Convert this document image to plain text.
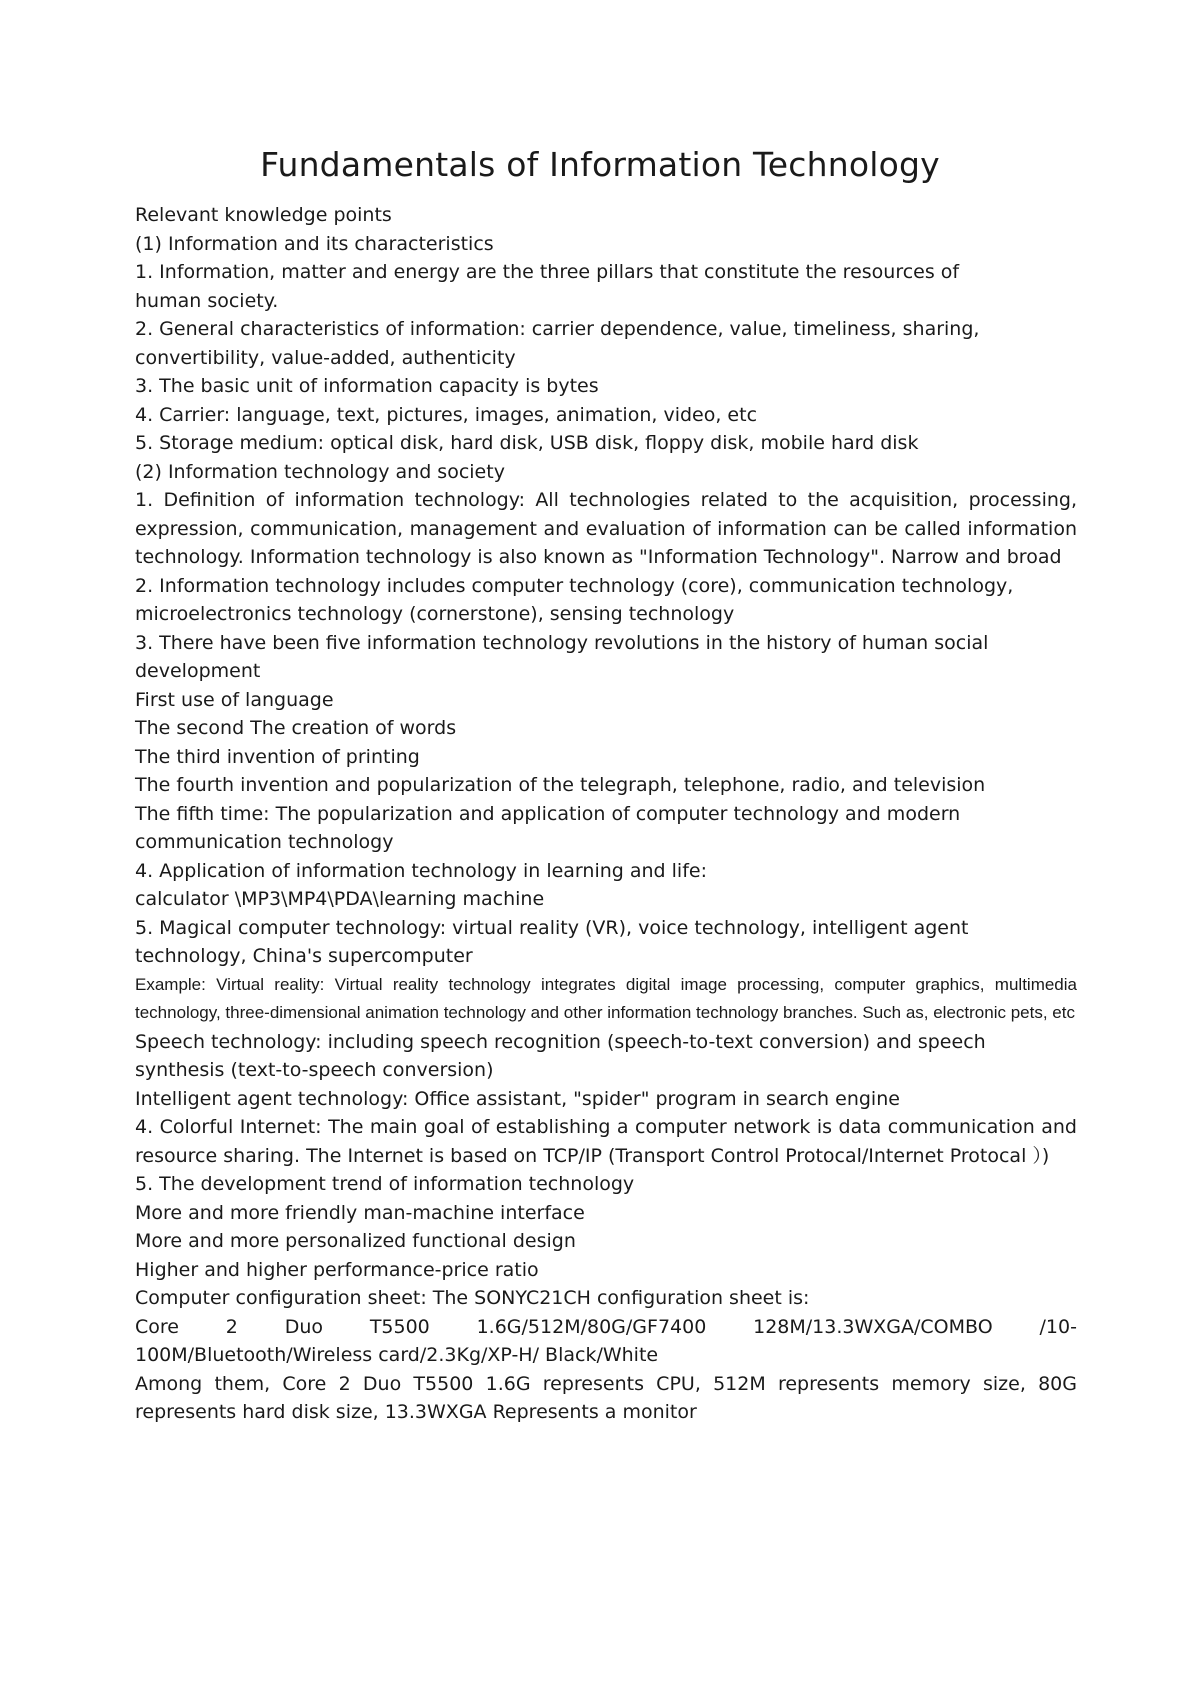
Fundamentals of Information Technology

Relevant knowledge points

(1) Information and its characteristics

1. Information, matter and energy are the three pillars that constitute the resources of

human society.

2. General characteristics of information: carrier dependence, value, timeliness, sharing,

convertibility, value-added, authenticity

3. The basic unit of information capacity is bytes

4. Carrier: language, text, pictures, images, animation, video, etc

5. Storage medium: optical disk, hard disk, USB disk, floppy disk, mobile hard disk

(2) Information technology and society

1. Definition of information technology: All technologies related to the acquisition, processing, expression, communication, management and evaluation of information can be called information technology. Information technology is also known as "Information Technology". Narrow and broad

2. Information technology includes computer technology (core), communication technology,

microelectronics technology (cornerstone), sensing technology

3. There have been five information technology revolutions in the history of human social

development

First use of language

The second The creation of words

The third invention of printing

The fourth invention and popularization of the telegraph, telephone, radio, and television

The fifth time: The popularization and application of computer technology and modern

communication technology

4. Application of information technology in learning and life:

calculator \MP3\MP4\PDA\learning machine

5. Magical computer technology: virtual reality (VR), voice technology, intelligent agent

technology, China's supercomputer

Example: Virtual reality: Virtual reality technology integrates digital image processing, computer graphics, multimedia technology, three-dimensional animation technology and other information technology branches. Such as, electronic pets, etc

Speech technology: including speech recognition (speech-to-text conversion) and speech

synthesis (text-to-speech conversion)

Intelligent agent technology: Office assistant, "spider" program in search engine

4. Colorful Internet: The main goal of establishing a computer network is data communication and resource sharing. The Internet is based on TCP/IP (Transport Control Protocal/Internet Protocal ）)

5. The development trend of information technology

More and more friendly man-machine interface

More and more personalized functional design

Higher and higher performance-price ratio

Computer configuration sheet: The SONYC21CH configuration sheet is:

Core 2 Duo T5500 1.6G/512M/80G/GF7400 128M/13.3WXGA/COMBO /10-

100M/Bluetooth/Wireless card/2.3Kg/XP-H/ Black/White

Among them, Core 2 Duo T5500 1.6G represents CPU, 512M represents memory size, 80G represents hard disk size, 13.3WXGA Represents a monitor
